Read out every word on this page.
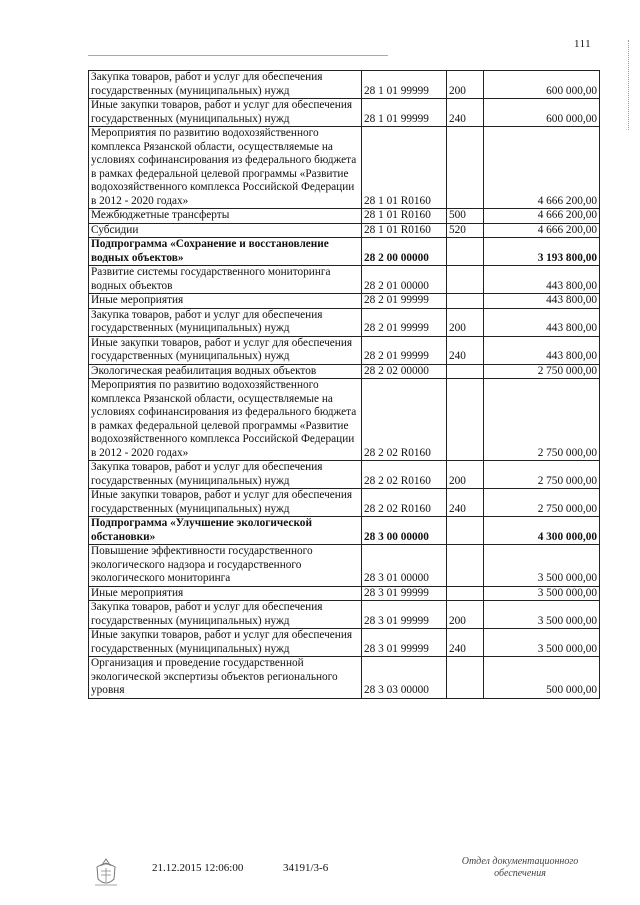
111
Закупка товаров, работ и услуг для обеспечения государственных (муниципальных) нужд	28 1 01 99999	200	600 000,00
Иные закупки товаров, работ и услуг для обеспечения государственных (муниципальных) нужд	28 1 01 99999	240	600 000,00
Мероприятия по развитию водохозяйственного комплекса Рязанской области, осуществляемые на условиях софинансирования из федерального бюджета в рамках федеральной целевой программы «Развитие водохозяйственного комплекса Российской Федерации в 2012 - 2020 годах»	28 1 01 R0160		4 666 200,00
Межбюджетные трансферты	28 1 01 R0160	500	4 666 200,00
Субсидии	28 1 01 R0160	520	4 666 200,00
Подпрограмма «Сохранение и восстановление водных объектов»	28 2 00 00000		3 193 800,00
Развитие системы государственного мониторинга водных объектов	28 2 01 00000		443 800,00
Иные мероприятия	28 2 01 99999		443 800,00
Закупка товаров, работ и услуг для обеспечения государственных (муниципальных) нужд	28 2 01 99999	200	443 800,00
Иные закупки товаров, работ и услуг для обеспечения государственных (муниципальных) нужд	28 2 01 99999	240	443 800,00
Экологическая реабилитация водных объектов	28 2 02 00000		2 750 000,00
Мероприятия по развитию водохозяйственного комплекса Рязанской области, осуществляемые на условиях софинансирования из федерального бюджета в рамках федеральной целевой программы «Развитие водохозяйственного комплекса Российской Федерации в 2012 - 2020 годах»	28 2 02 R0160		2 750 000,00
Закупка товаров, работ и услуг для обеспечения государственных (муниципальных) нужд	28 2 02 R0160	200	2 750 000,00
Иные закупки товаров, работ и услуг для обеспечения государственных (муниципальных) нужд	28 2 02 R0160	240	2 750 000,00
Подпрограмма «Улучшение экологической обстановки»	28 3 00 00000		4 300 000,00
Повышение эффективности государственного экологического надзора и государственного экологического мониторинга	28 3 01 00000		3 500 000,00
Иные мероприятия	28 3 01 99999		3 500 000,00
Закупка товаров, работ и услуг для обеспечения государственных (муниципальных) нужд	28 3 01 99999	200	3 500 000,00
Иные закупки товаров, работ и услуг для обеспечения государственных (муниципальных) нужд	28 3 01 99999	240	3 500 000,00
Организация и проведение государственной экологической экспертизы объектов регионального уровня	28 3 03 00000		500 000,00
21.12.2015 12:06:00	34191/3-6
Отдел документационного
обеспечения
